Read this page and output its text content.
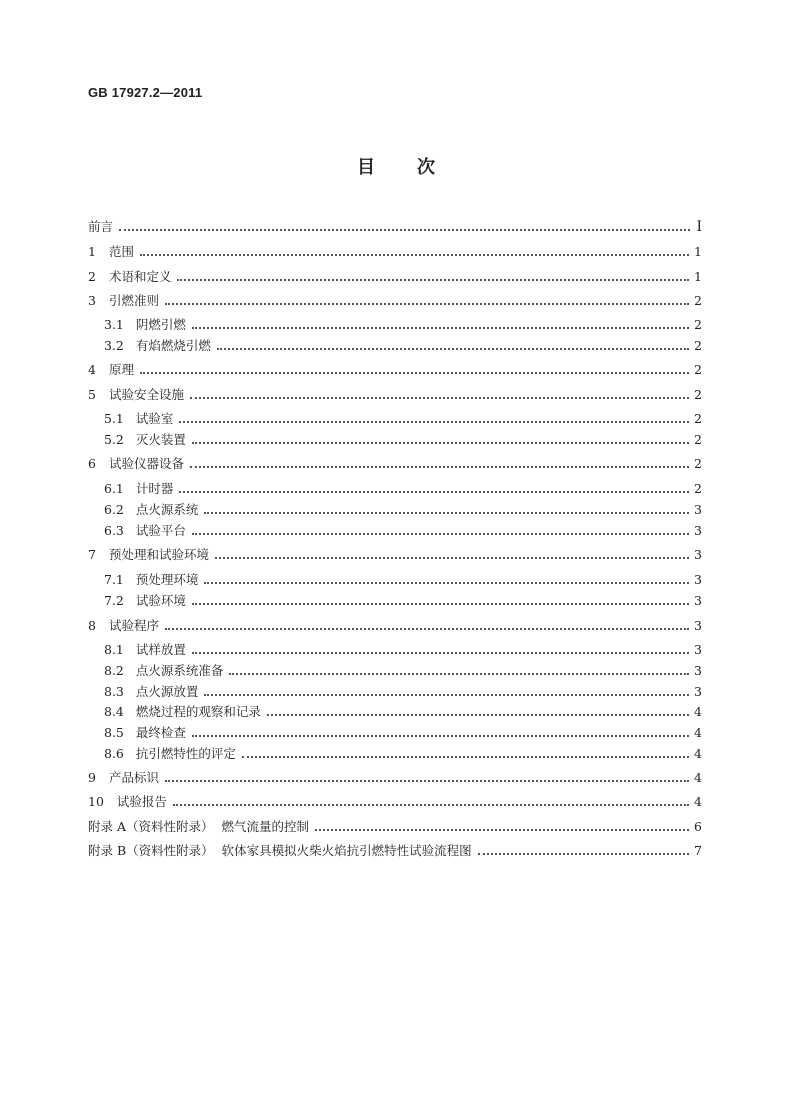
GB 17927.2—2011
目次
前言	Ⅰ
1 范围	1
2 术语和定义	1
3 引燃准则	2
3.1 阴燃引燃	2
3.2 有焰燃烧引燃	2
4 原理	2
5 试验安全设施	2
5.1 试验室	2
5.2 灭火装置	2
6 试验仪器设备	2
6.1 计时器	2
6.2 点火源系统	3
6.3 试验平台	3
7 预处理和试验环境	3
7.1 预处理环境	3
7.2 试验环境	3
8 试验程序	3
8.1 试样放置	3
8.2 点火源系统准备	3
8.3 点火源放置	3
8.4 燃烧过程的观察和记录	4
8.5 最终检查	4
8.6 抗引燃特性的评定	4
9 产品标识	4
10 试验报告	4
附录 A（资料性附录）  燃气流量的控制	6
附录 B（资料性附录）  软体家具模拟火柴火焰抗引燃特性试验流程图	7
